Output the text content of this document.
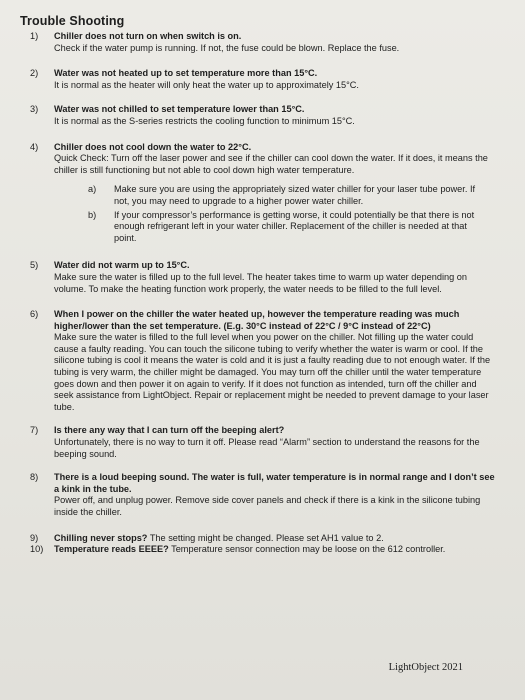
Trouble Shooting
1)	Chiller does not turn on when switch is on.
Check if the water pump is running. If not, the fuse could be blown. Replace the fuse.
2)	Water was not heated up to set temperature more than 15°C.
It is normal as the heater will only heat the water up to approximately 15°C.
3)	Water was not chilled to set temperature lower than 15°C.
It is normal as the S-series restricts the cooling function to minimum 15°C.
4)	Chiller does not cool down the water to 22°C.
Quick Check: Turn off the laser power and see if the chiller can cool down the water. If it does, it means the chiller is still functioning but not able to cool down high water temperature.
a)	Make sure you are using the appropriately sized water chiller for your laser tube power. If not, you may need to upgrade to a higher power water chiller.
b)	If your compressor’s performance is getting worse, it could potentially be that there is not enough refrigerant left in your water chiller. Replacement of the chiller is needed at that point.
5)	Water did not warm up to 15°C.
Make sure the water is filled up to the full level. The heater takes time to warm up water depending on volume. To make the heating function work properly, the water needs to be filled to the full level.
6)	When I power on the chiller the water heated up, however the temperature reading was much higher/lower than the set temperature. (E.g. 30°C instead of 22°C / 9°C instead of 22°C)
Make sure the water is filled to the full level when you power on the chiller. Not filling up the water could cause a faulty reading. You can touch the silicone tubing to verify whether the water is warm or cool. If the silicone tubing is cool it means the water is cold and it is just a faulty reading due to not enough water. If the tubing is very warm, the chiller might be damaged. You may turn off the chiller until the water temperature goes down and then power it on again to verify. If it does not function as intended, turn off the chiller and seek assistance from LightObject. Repair or replacement might be needed to prevent damage to your laser tube.
7)	Is there any way that I can turn off the beeping alert?
Unfortunately, there is no way to turn it off. Please read “Alarm” section to understand the reasons for the beeping sound.
8)	There is a loud beeping sound. The water is full, water temperature is in normal range and I don’t see a kink in the tube.
Power off, and unplug power. Remove side cover panels and check if there is a kink in the silicone tubing inside the chiller.
9)	Chilling never stops? The setting might be changed. Please set AH1 value to 2.
10)	Temperature reads EEEE? Temperature sensor connection may be loose on the 612 controller.
LightObject 2021
